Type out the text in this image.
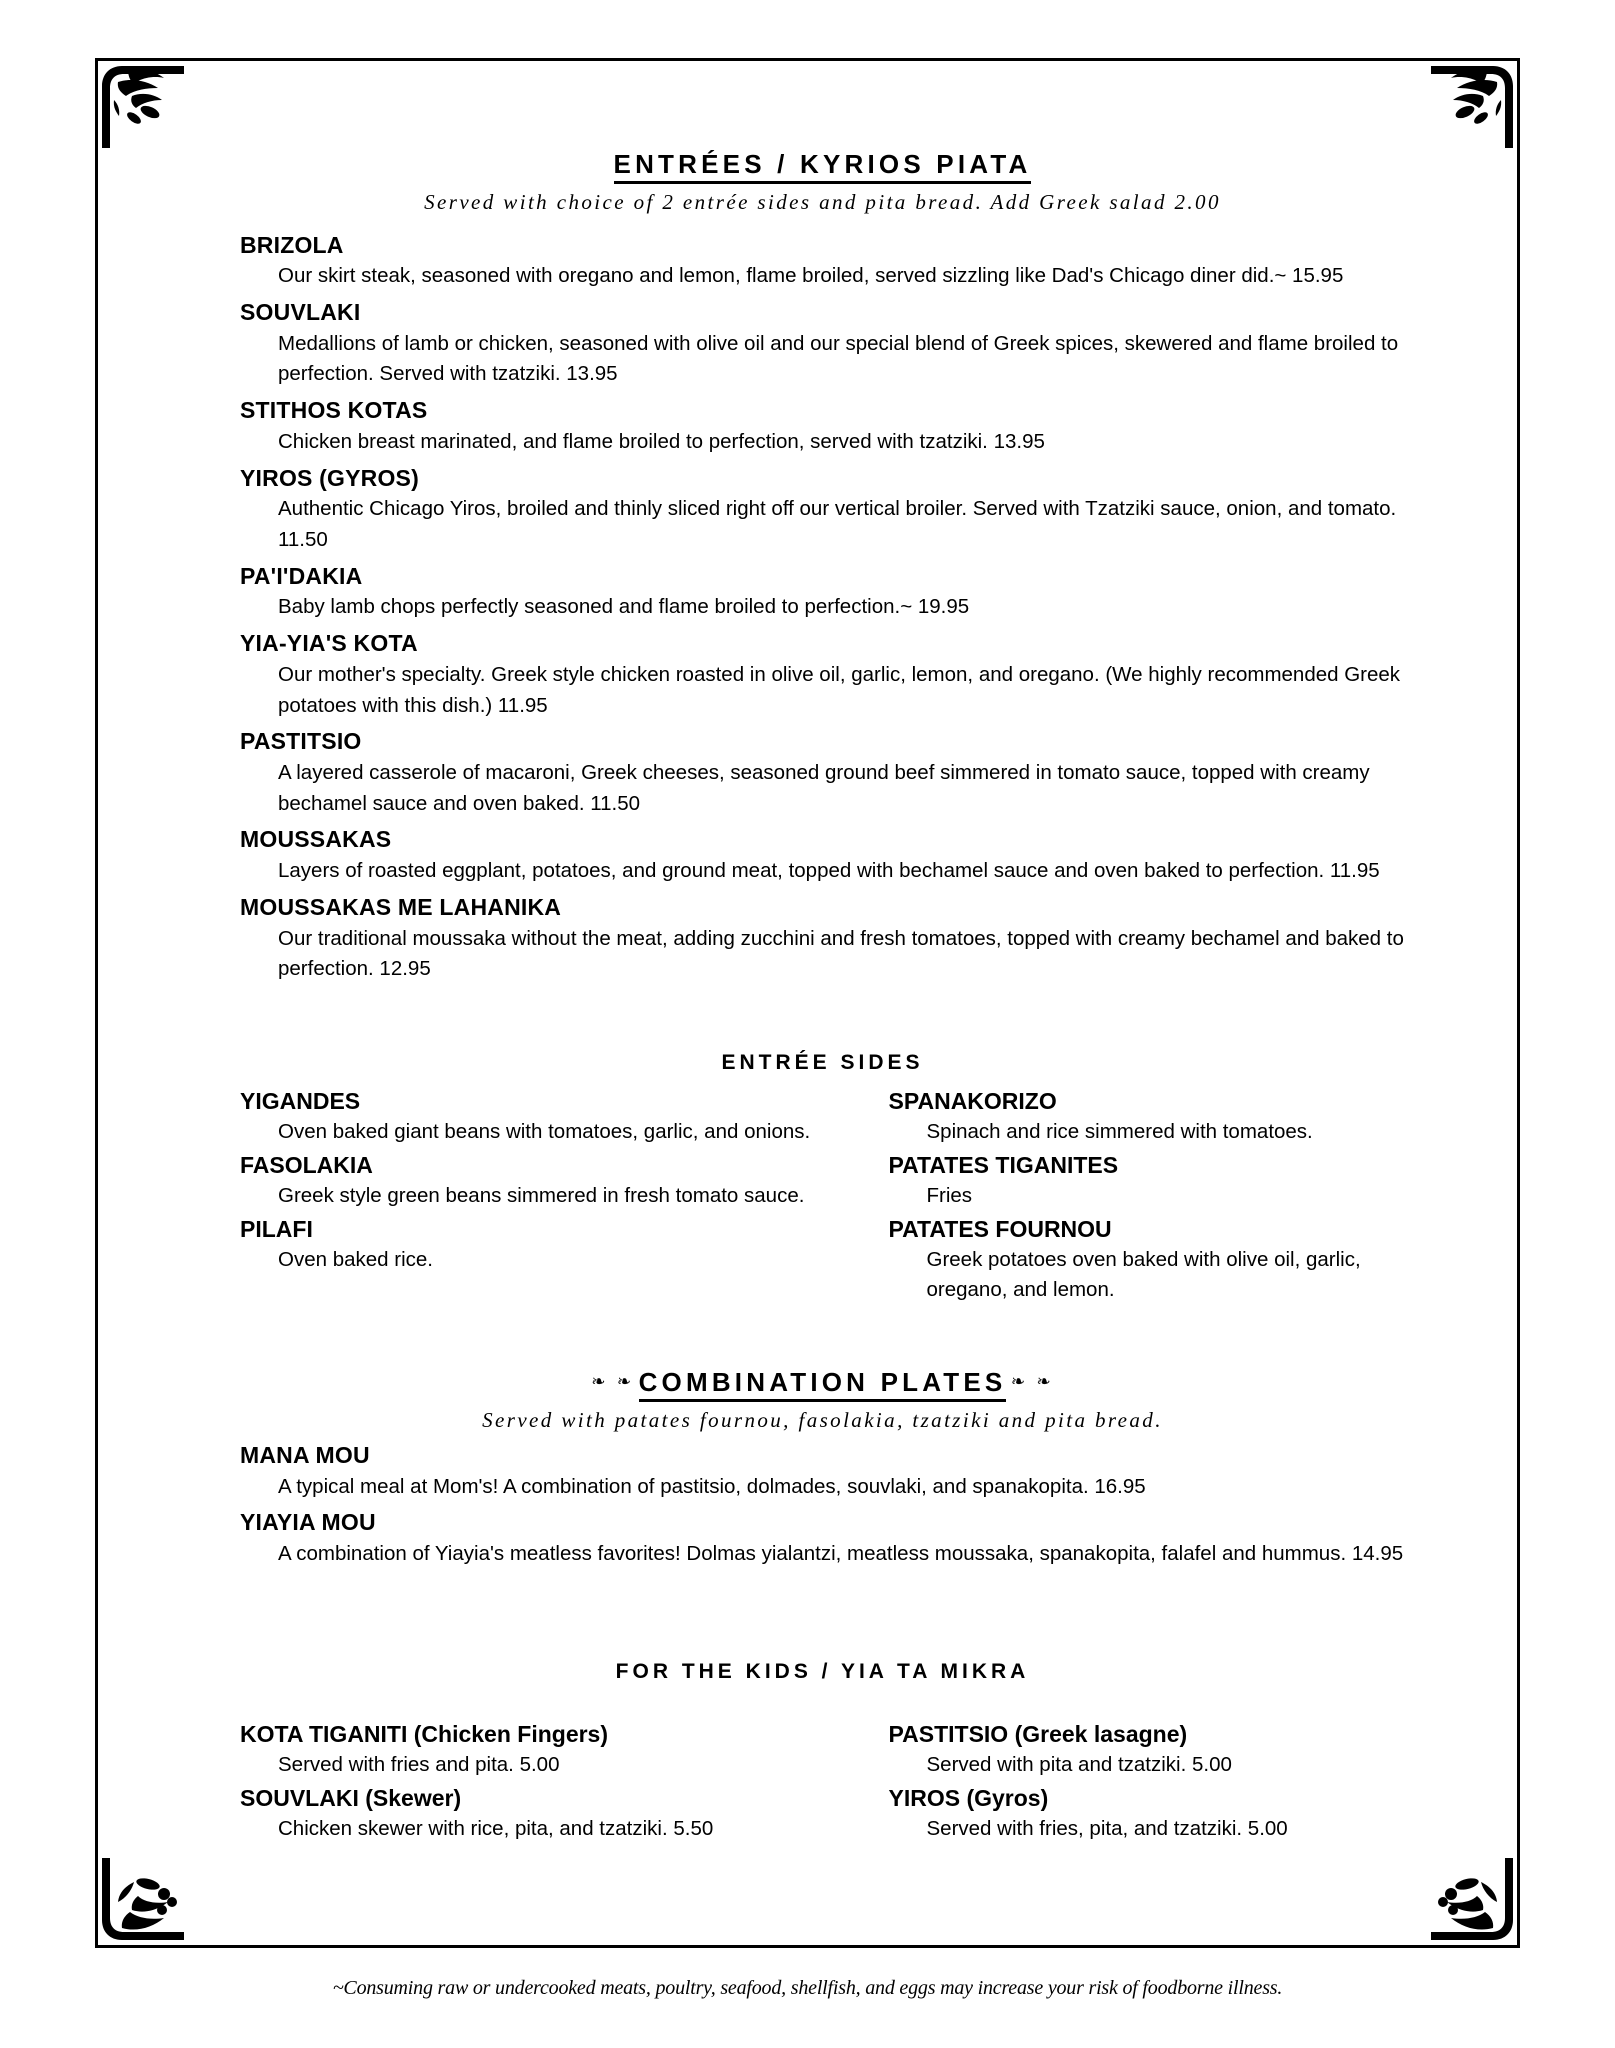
ENTRÉES / KYRIOS PIATA

Served with choice of 2 entrée sides and pita bread. Add Greek salad 2.00

BRIZOLA

Our skirt steak, seasoned with oregano and lemon, flame broiled, served sizzling like Dad's Chicago diner did.~ 15.95

SOUVLAKI

Medallions of lamb or chicken, seasoned with olive oil and our special blend of Greek spices, skewered and flame broiled to perfection. Served with tzatziki. 13.95

STITHOS KOTAS

Chicken breast marinated, and flame broiled to perfection, served with tzatziki. 13.95

YIROS (GYROS)

Authentic Chicago Yiros, broiled and thinly sliced right off our vertical broiler. Served with Tzatziki sauce, onion, and tomato. 11.50

PA'I'DAKIA

Baby lamb chops perfectly seasoned and flame broiled to perfection.~ 19.95

YIA-YIA'S KOTA

Our mother's specialty. Greek style chicken roasted in olive oil, garlic, lemon, and oregano. (We highly recommended Greek potatoes with this dish.) 11.95

PASTITSIO

A layered casserole of macaroni, Greek cheeses, seasoned ground beef simmered in tomato sauce, topped with creamy bechamel sauce and oven baked. 11.50

MOUSSAKAS

Layers of roasted eggplant, potatoes, and ground meat, topped with bechamel sauce and oven baked to perfection. 11.95

MOUSSAKAS ME LAHANIKA

Our traditional moussaka without the meat, adding zucchini and fresh tomatoes, topped with creamy bechamel and baked to perfection. 12.95

ENTRÉE SIDES

YIGANDES

Oven baked giant beans with tomatoes, garlic, and onions.

FASOLAKIA

Greek style green beans simmered in fresh tomato sauce.

PILAFI

Oven baked rice.

SPANAKORIZO

Spinach and rice simmered with tomatoes.

PATATES TIGANITES

Fries

PATATES FOURNOU

Greek potatoes oven baked with olive oil, garlic, oregano, and lemon.

❧ ❧ COMBINATION PLATES ❧ ❧

Served with patates fournou, fasolakia, tzatziki and pita bread.

MANA MOU

A typical meal at Mom's! A combination of pastitsio, dolmades, souvlaki, and spanakopita. 16.95

YIAYIA MOU

A combination of Yiayia's meatless favorites! Dolmas yialantzi, meatless moussaka, spanakopita, falafel and hummus. 14.95

FOR THE KIDS / YIA TA MIKRA

KOTA TIGANITI (Chicken Fingers)

Served with fries and pita. 5.00

SOUVLAKI (Skewer)

Chicken skewer with rice, pita, and tzatziki. 5.50

PASTITSIO (Greek lasagne)

Served with pita and tzatziki. 5.00

YIROS (Gyros)

Served with fries, pita, and tzatziki. 5.00

~Consuming raw or undercooked meats, poultry, seafood, shellfish, and eggs may increase your risk of foodborne illness.
